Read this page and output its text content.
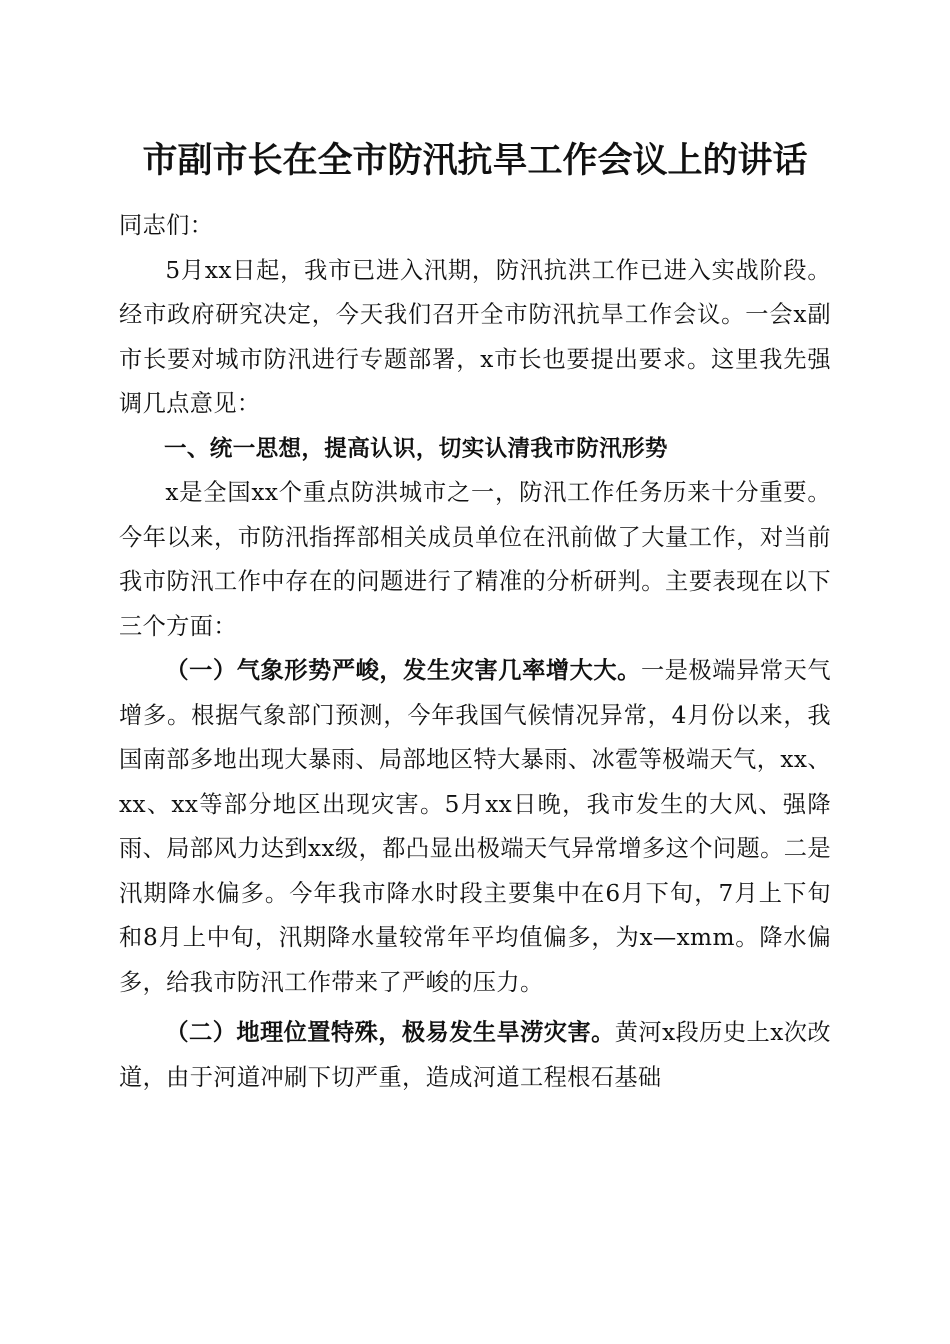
市副市长在全市防汛抗旱工作会议上的讲话

同志们：

5月xx日起，我市已进入汛期，防汛抗洪工作已进入实战阶段。经市政府研究决定，今天我们召开全市防汛抗旱工作会议。一会x副市长要对城市防汛进行专题部署，x市长也要提出要求。这里我先强调几点意见：

一、统一思想，提高认识，切实认清我市防汛形势

x是全国xx个重点防洪城市之一，防汛工作任务历来十分重要。今年以来，市防汛指挥部相关成员单位在汛前做了大量工作，对当前我市防汛工作中存在的问题进行了精准的分析研判。主要表现在以下三个方面：

（一）气象形势严峻，发生灾害几率增大大。一是极端异常天气增多。根据气象部门预测，今年我国气候情况异常，4月份以来，我国南部多地出现大暴雨、局部地区特大暴雨、冰雹等极端天气，xx、xx、xx等部分地区出现灾害。5月xx日晚，我市发生的大风、强降雨、局部风力达到xx级，都凸显出极端天气异常增多这个问题。二是汛期降水偏多。今年我市降水时段主要集中在6月下旬，7月上下旬和8月上中旬，汛期降水量较常年平均值偏多，为x—xmm。降水偏多，给我市防汛工作带来了严峻的压力。

（二）地理位置特殊，极易发生旱涝灾害。黄河x段历史上x次改道，由于河道冲刷下切严重，造成河道工程根石基础
